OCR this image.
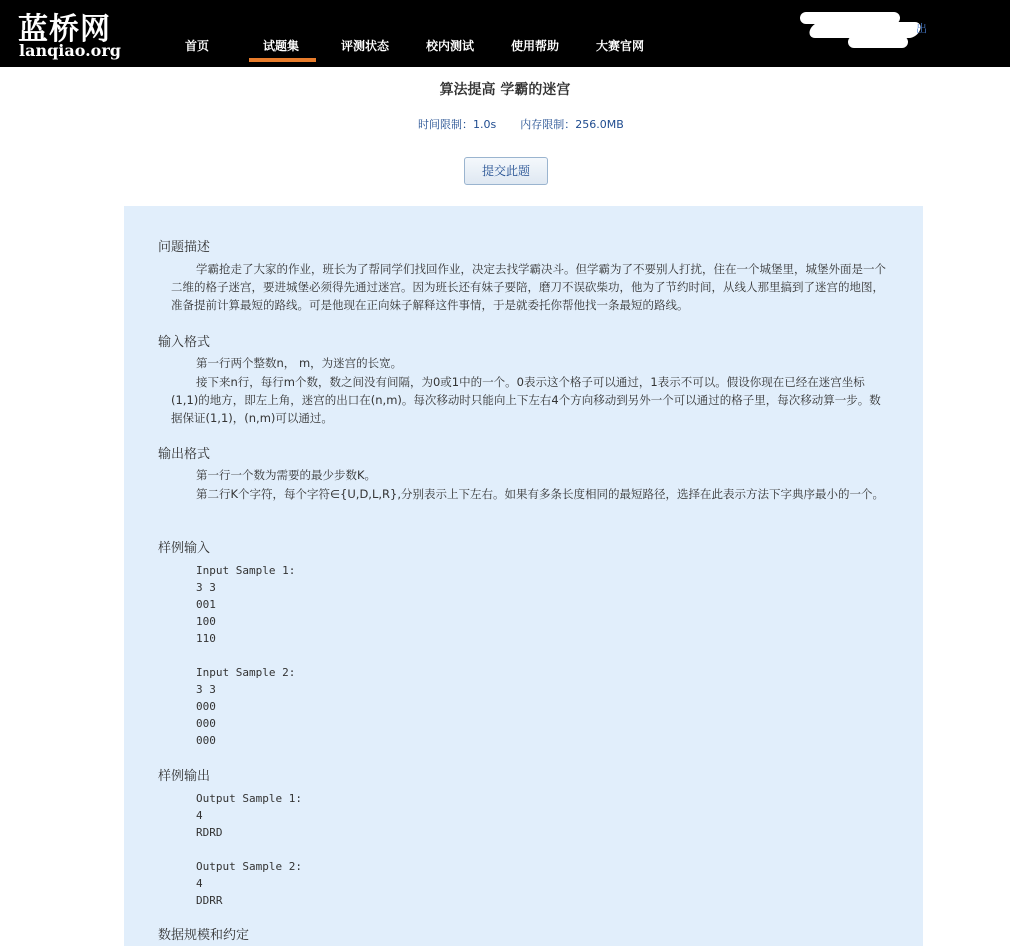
蓝桥网
lanqiao.org	首页	试题集	评测状态	校内测试	使用帮助	大赛官网
出
算法提高 学霸的迷宫
时间限制：1.0s 内存限制：256.0MB
提交此题
问题描述
学霸抢走了大家的作业，班长为了帮同学们找回作业，决定去找学霸决斗。但学霸为了不要别人打扰，住在一个城堡里，城堡外面是一个二维的格子迷宫，要进城堡必须得先通过迷宫。因为班长还有妹子要陪，磨刀不误砍柴功，他为了节约时间，从线人那里搞到了迷宫的地图，准备提前计算最短的路线。可是他现在正向妹子解释这件事情，于是就委托你帮他找一条最短的路线。
输入格式
第一行两个整数n， m，为迷宫的长宽。
接下来n行，每行m个数，数之间没有间隔，为0或1中的一个。0表示这个格子可以通过，1表示不可以。假设你现在已经在迷宫坐标(1,1)的地方，即左上角，迷宫的出口在(n,m)。每次移动时只能向上下左右4个方向移动到另外一个可以通过的格子里，每次移动算一步。数据保证(1,1)，(n,m)可以通过。
输出格式
第一行一个数为需要的最少步数K。
第二行K个字符，每个字符∈{U,D,L,R},分别表示上下左右。如果有多条长度相同的最短路径，选择在此表示方法下字典序最小的一个。
样例输入
Input Sample 1:
3 3
001
100
110

Input Sample 2:
3 3
000
000
000
样例输出
Output Sample 1:
4
RDRD

Output Sample 2:
4
DDRR
数据规模和约定
